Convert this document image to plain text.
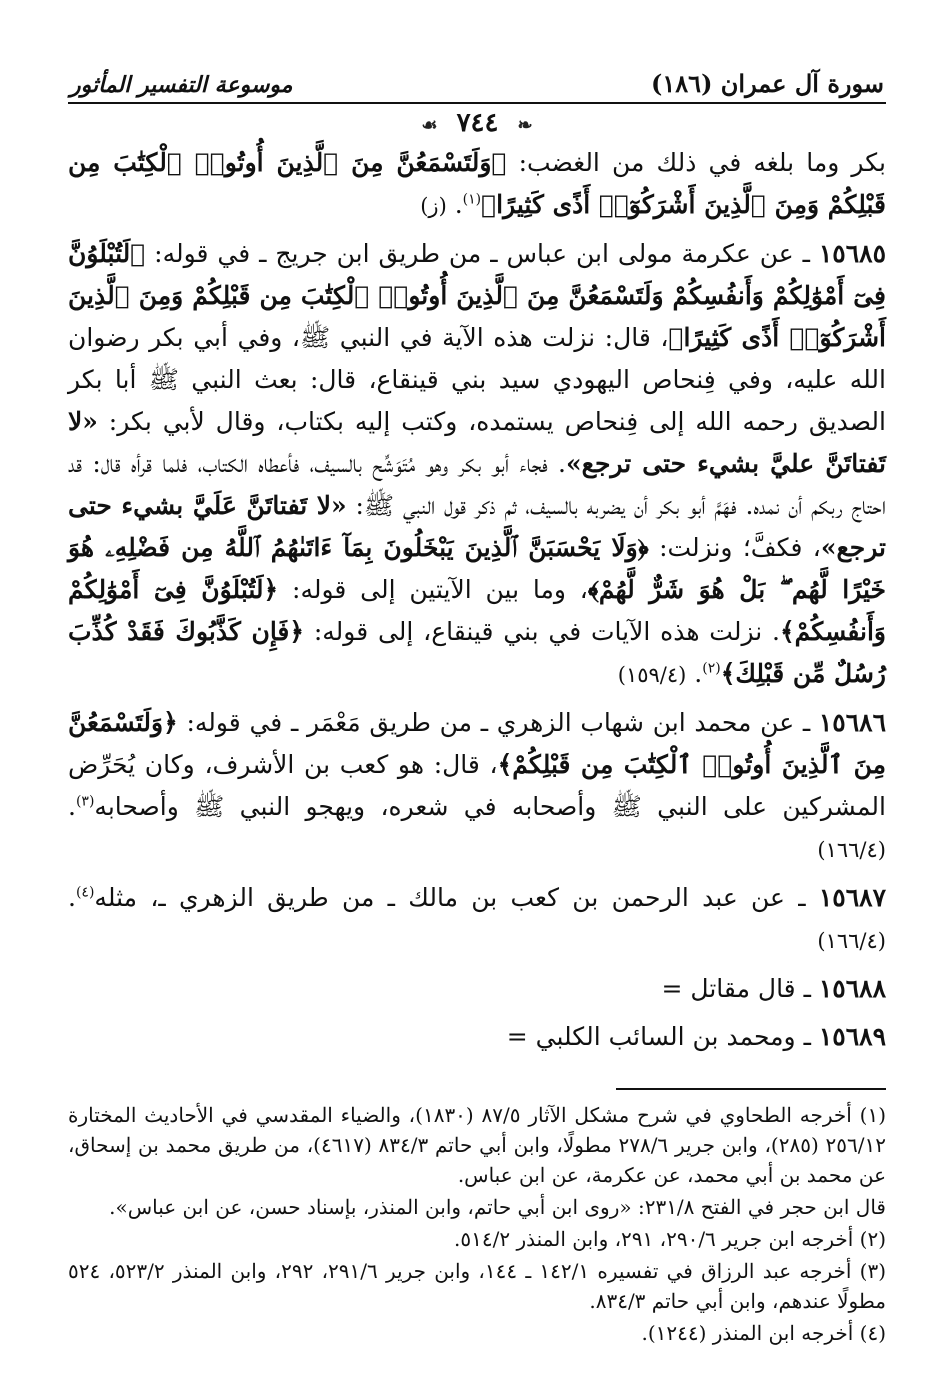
سورة آل عمران (١٨٦)
موسوعة التفسير المأثور
❧ ٧٤٤ ☙

بكر وما بلغه في ذلك من الغضب: ﴿وَلَتَسْمَعُنَّ مِنَ ٱلَّذِينَ أُوتُوا۟ ٱلْكِتَٰبَ مِن قَبْلِكُمْ وَمِنَ ٱلَّذِينَ أَشْرَكُوٓا۟ أَذًى كَثِيرًا﴾$^{(١)}$. (ز)

١٥٦٨٥ ـ عن عكرمة مولى ابن عباس ـ من طريق ابن جريج ـ في قوله: ﴿لَتُبْلَوُنَّ فِىٓ أَمْوَٰلِكُمْ وَأَنفُسِكُمْ وَلَتَسْمَعُنَّ مِنَ ٱلَّذِينَ أُوتُوا۟ ٱلْكِتَٰبَ مِن قَبْلِكُمْ وَمِنَ ٱلَّذِينَ أَشْرَكُوٓا۟ أَذًى كَثِيرًا﴾، قال: نزلت هذه الآية في النبي ﷺ، وفي أبي بكر رضوان الله عليه، وفي فِنحاص اليهودي سيد بني قينقاع، قال: بعث النبي ﷺ أبا بكر الصديق رحمه الله إلى فِنحاص يستمده، وكتب إليه بكتاب، وقال لأبي بكر: «لا تَفتاتَنَّ عليَّ بشيء حتى ترجع». فجاء أبو بكر وهو مُتَوَشِّح بالسيف، فأعطاه الكتاب، فلما قرأه قال: قد احتاج ربكم أن نمده. فهَمَّ أبو بكر أن يضربه بالسيف، ثم ذكر قول النبي ﷺ: «لا تَفتاتَنَّ عَلَيَّ بشيء حتى ترجع»، فكفَّ؛ ونزلت: ﴿وَلَا يَحْسَبَنَّ ٱلَّذِينَ يَبْخَلُونَ بِمَآ ءَاتَىٰهُمُ ٱللَّهُ مِن فَضْلِهِۦ هُوَ خَيْرًا لَّهُم ۖ بَلْ هُوَ شَرٌّ لَّهُمْ﴾، وما بين الآيتين إلى قوله: ﴿لَتُبْلَوُنَّ فِىٓ أَمْوَٰلِكُمْ وَأَنفُسِكُمْ﴾. نزلت هذه الآيات في بني قينقاع، إلى قوله: ﴿فَإِن كَذَّبُوكَ فَقَدْ كُذِّبَ رُسُلٌ مِّن قَبْلِكَ﴾$^{(٢)}$. (١٥٩/٤)

١٥٦٨٦ ـ عن محمد ابن شهاب الزهري ـ من طريق مَعْمَر ـ في قوله: ﴿وَلَتَسْمَعُنَّ مِنَ ٱلَّذِينَ أُوتُوا۟ ٱلْكِتَٰبَ مِن قَبْلِكُمْ﴾، قال: هو كعب بن الأشرف، وكان يُحَرِّض المشركين على النبي ﷺ وأصحابه في شعره، ويهجو النبي ﷺ وأصحابه$^{(٣)}$. (١٦٦/٤)

١٥٦٨٧ ـ عن عبد الرحمن بن كعب بن مالك ـ من طريق الزهري ـ، مثله$^{(٤)}$. (١٦٦/٤)

١٥٦٨٨ ـ قال مقاتل =

١٥٦٨٩ ـ ومحمد بن السائب الكلبي =

(١) أخرجه الطحاوي في شرح مشكل الآثار ٨٧/٥ (١٨٣٠)، والضياء المقدسي في الأحاديث المختارة ٢٥٦/١٢ (٢٨٥)، وابن جرير ٢٧٨/٦ مطولًا، وابن أبي حاتم ٨٣٤/٣ (٤٦١٧)، من طريق محمد بن إسحاق، عن محمد بن أبي محمد، عن عكرمة، عن ابن عباس.

قال ابن حجر في الفتح ٢٣١/٨: «روى ابن أبي حاتم، وابن المنذر، بإسناد حسن، عن ابن عباس».

(٢) أخرجه ابن جرير ٢٩٠/٦، ٢٩١، وابن المنذر ٥١٤/٢.

(٣) أخرجه عبد الرزاق في تفسيره ١٤٢/١ ـ ١٤٤، وابن جرير ٢٩١/٦، ٢٩٢، وابن المنذر ٥٢٣/٢، ٥٢٤ مطولًا عندهم، وابن أبي حاتم ٨٣٤/٣.

(٤) أخرجه ابن المنذر (١٢٤٤).
